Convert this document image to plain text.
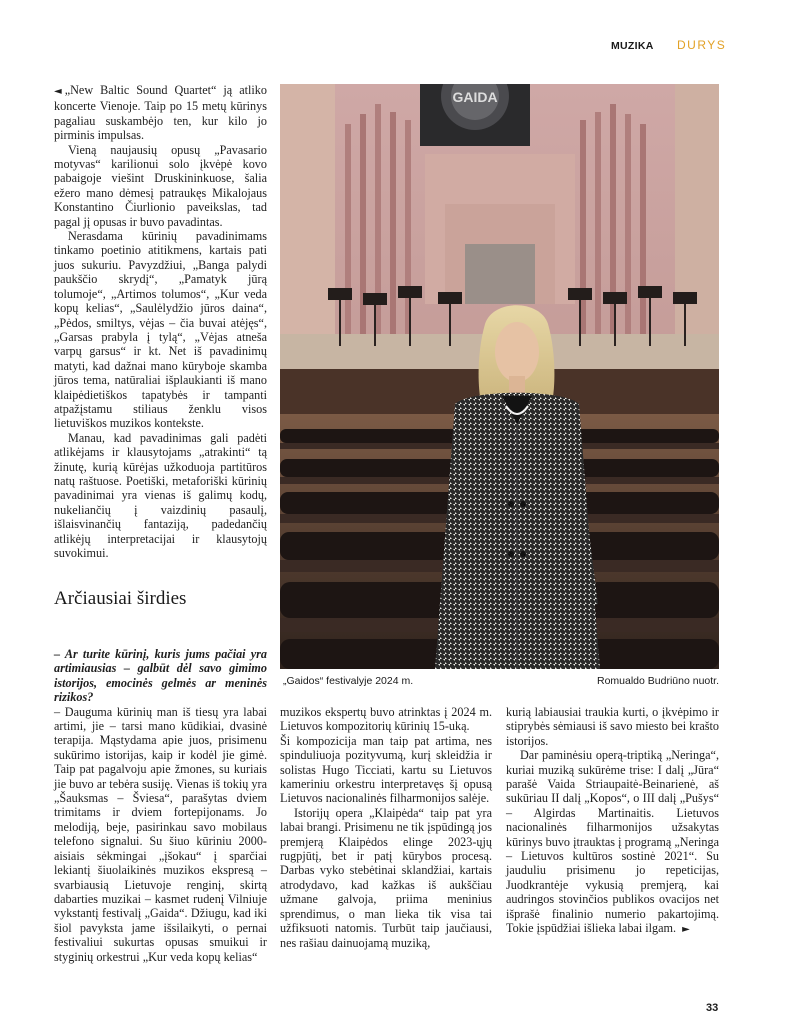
MUZIKA DURYS

◄ „New Baltic Sound Quartet“ ją atliko koncerte Vienoje. Taip po 15 metų kūrinys pagaliau suskambėjo ten, kur kilo jo pirminis impulsas.

Vieną naujausių opusų „Pavasario motyvas“ karilionui solo įkvėpė kovo pabaigoje viešint Druskininkuose, šalia ežero mano dėmesį patraukęs Mikalojaus Konstantino Čiurlionio paveikslas, tad pagal jį opusas ir buvo pavadintas.

Nerasdama kūrinių pavadinimams tinkamo poetinio atitikmens, kartais pati juos sukuriu. Pavyzdžiui, „Banga palydi paukščio skrydį“, „Pamatyk jūrą tolumoje“, „Artimos tolumos“, „Kur veda kopų kelias“, „Saulėlydžio jūros daina“, „Pėdos, smiltys, vėjas – čia buvai atėjęs“, „Garsas prabyla į tylą“, „Vėjas atneša varpų garsus“ ir kt. Net iš pavadinimų matyti, kad dažnai mano kūryboje skamba jūros tema, natūraliai išplaukianti iš mano klaipėdietiškos tapatybės ir tampanti atpažįstamu stiliaus ženklu visos lietuviškos muzikos kontekste.

Manau, kad pavadinimas gali padėti atlikėjams ir klausytojams „atrakinti“ tą žinutę, kurią kūrėjas užkoduoja partitūros natų raštuose. Poetiški, metaforiški kūrinių pavadinimai yra vienas iš galimų kodų, nukeliančių į vaizdinių pasaulį, išlaisvinančių fantaziją, padedančių atlikėjų interpretacijai ir klausytojų suvokimui.

Arčiausiai širdies

– Ar turite kūrinį, kuris jums pačiai yra artimiausias – galbūt dėl savo gimimo istorijos, emocinės gelmės ar meninės rizikos?

– Dauguma kūrinių man iš tiesų yra labai artimi, jie – tarsi mano kūdikiai, dvasinė terapija. Mąstydama apie juos, prisimenu sukūrimo istorijas, kaip ir kodėl jie gimė. Taip pat pagalvoju apie žmones, su kuriais jie buvo ar tebėra susiję. Vienas iš tokių yra „Šauksmas – Šviesa“, parašytas dviem trimitams ir dviem fortepijonams. Jo melodiją, beje, pasirinkau savo mobilaus telefono signalui. Su šiuo kūriniu 2000-aisiais sėkmingai „įšokau“ į sparčiai lekiantį šiuolaikinės muzikos ekspresą – svarbiausią Lietuvoje renginį, skirtą dabarties muzikai – kasmet rudenį Vilniuje vykstantį festivalį „Gaida“. Džiugu, kad iki šiol pavyksta jame išsilaikyti, o pernai festivaliui sukurtas opusas smuikui ir styginių orkestrui „Kur veda kopų kelias“

GAIDA
„Gaidos“ festivalyje 2024 m.	Romualdo Budriūno nuotr.

muzikos ekspertų buvo atrinktas į 2024 m. Lietuvos kompozitorių kūrinių 15-uką.

Ši kompozicija man taip pat artima, nes spinduliuoja pozityvumą, kurį skleidžia ir solistas Hugo Ticciati, kartu su Lietuvos kameriniu orkestru interpretavęs šį opusą Lietuvos nacionalinės filharmonijos salėje.

Istorijų opera „Klaipėda“ taip pat yra labai brangi. Prisimenu ne tik įspūdingą jos premjerą Klaipėdos elinge 2023-ųjų rugpjūtį, bet ir patį kūrybos procesą. Darbas vyko stebėtinai sklandžiai, kartais atrodydavo, kad kažkas iš aukščiau užmane galvoja, priima meninius sprendimus, o man lieka tik visa tai užfiksuoti natomis. Turbūt taip jaučiausi, nes rašiau dainuojamą muziką,

kurią labiausiai traukia kurti, o įkvėpimo ir stiprybės sėmiausi iš savo miesto bei krašto istorijos.

Dar paminėsiu operą-triptiką „Neringa“, kuriai muziką sukūrėme trise: I dalį „Jūra“ parašė Vaida Striaupaitė-Beinarienė, aš sukūriau II dalį „Kopos“, o III dalį „Pušys“ – Algirdas Martinaitis. Lietuvos nacionalinės filharmonijos užsakytas kūrinys buvo įtrauktas į programą „Neringa – Lietuvos kultūros sostinė 2021“. Su jauduliu prisimenu jo repeticijas, Juodkrantėje vykusią premjerą, kai audringos stovinčios publikos ovacijos net išprašė finalinio numerio pakartojimą. Tokie įspūdžiai išlieka labai ilgam. ►

33
